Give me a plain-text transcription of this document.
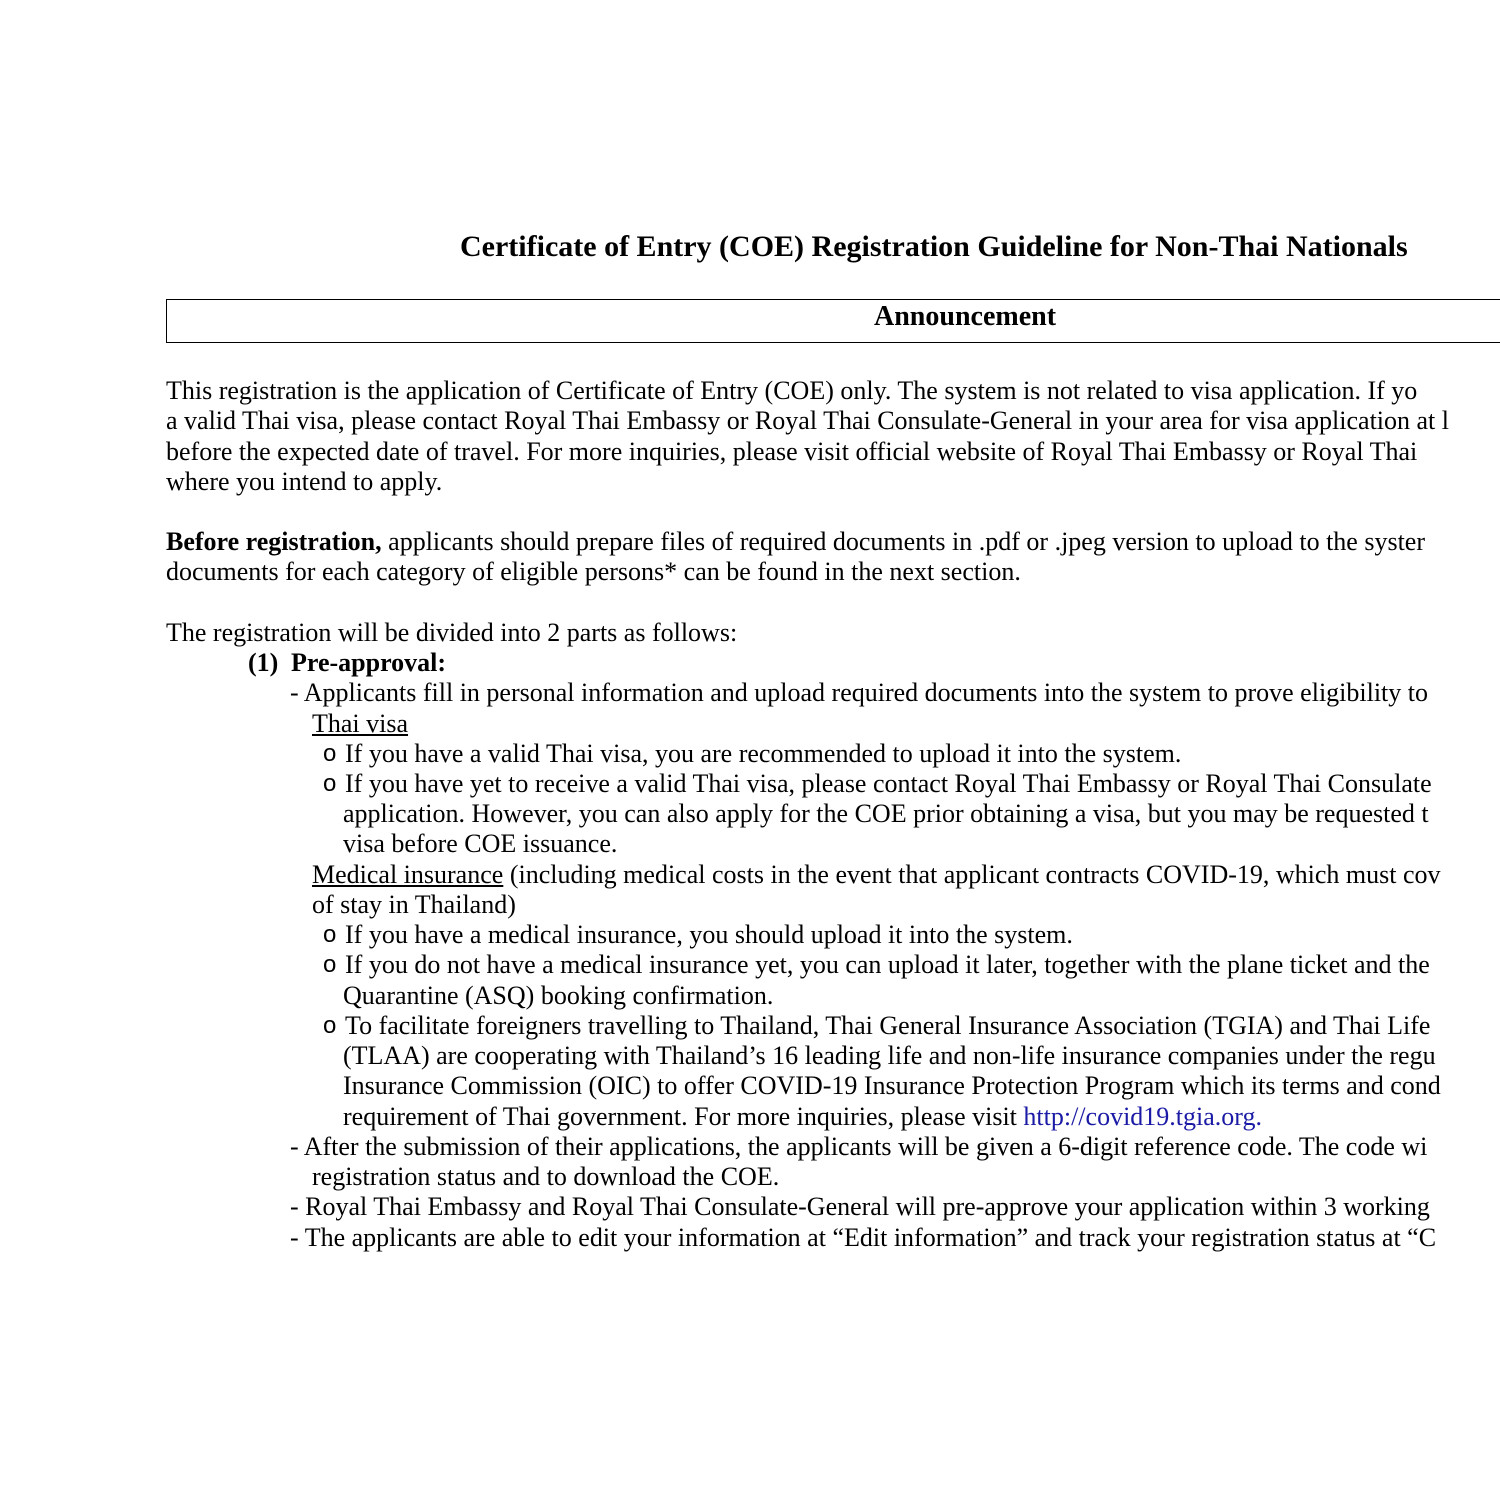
Certificate of Entry (COE) Registration Guideline for Non-Thai Nationals
Announcement
This registration is the application of Certificate of Entry (COE) only. The system is not related to visa application. If yo
a valid Thai visa, please contact Royal Thai Embassy or Royal Thai Consulate-General in your area for visa application at l
before the expected date of travel. For more inquiries, please visit official website of Royal Thai Embassy or Royal Thai
where you intend to apply.
Before registration, applicants should prepare files of required documents in .pdf or .jpeg version to upload to the syster
documents for each category of eligible persons* can be found in the next section.
The registration will be divided into 2 parts as follows:
(1) Pre-approval:
- Applicants fill in personal information and upload required documents into the system to prove eligibility to
Thai visa
o If you have a valid Thai visa, you are recommended to upload it into the system.
o If you have yet to receive a valid Thai visa, please contact Royal Thai Embassy or Royal Thai Consulate
application. However, you can also apply for the COE prior obtaining a visa, but you may be requested t
visa before COE issuance.
Medical insurance (including medical costs in the event that applicant contracts COVID-19, which must cov
of stay in Thailand)
o If you have a medical insurance, you should upload it into the system.
o If you do not have a medical insurance yet, you can upload it later, together with the plane ticket and the
Quarantine (ASQ) booking confirmation.
o To facilitate foreigners travelling to Thailand, Thai General Insurance Association (TGIA) and Thai Life
(TLAA) are cooperating with Thailand’s 16 leading life and non-life insurance companies under the regu
Insurance Commission (OIC) to offer COVID-19 Insurance Protection Program which its terms and cond
requirement of Thai government. For more inquiries, please visit http://covid19.tgia.org.
- After the submission of their applications, the applicants will be given a 6-digit reference code. The code wi
registration status and to download the COE.
- Royal Thai Embassy and Royal Thai Consulate-General will pre-approve your application within 3 working
- The applicants are able to edit your information at “Edit information” and track your registration status at “C
